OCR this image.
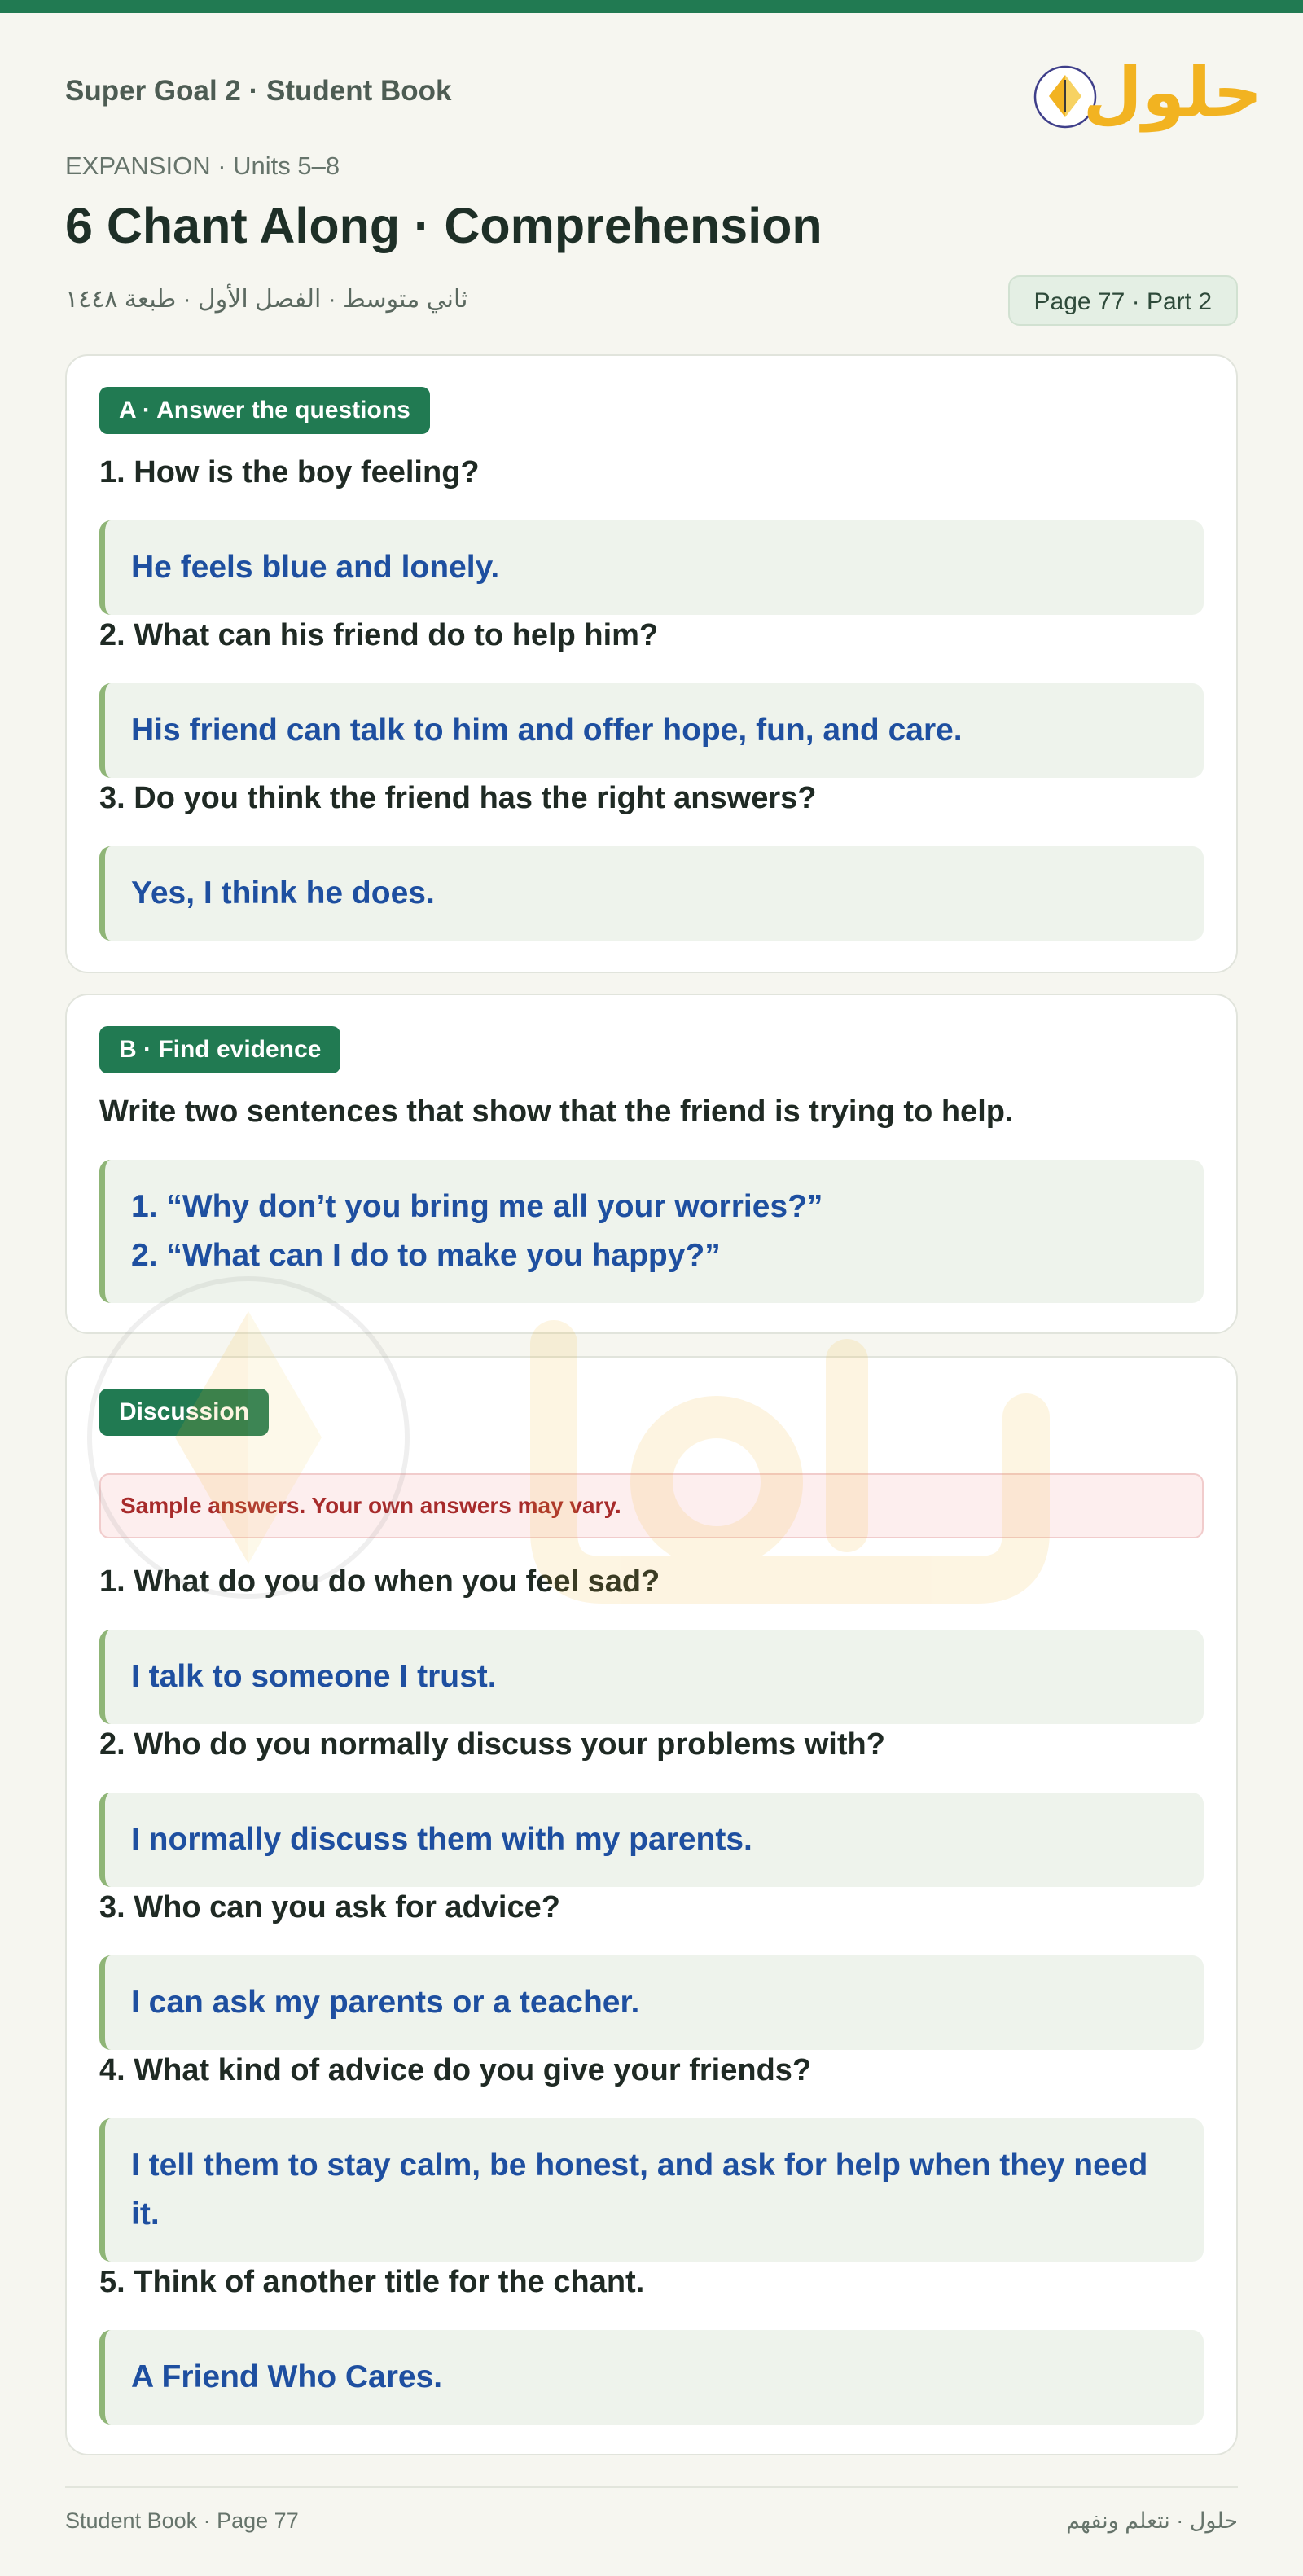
Super Goal 2 · Student Book
EXPANSION · Units 5–8
6 Chant Along · Comprehension
ثاني متوسط · الفصل الأول · طبعة ١٤٤٨	Page 77 · Part 2
حلول
A · Answer the questions
1. How is the boy feeling?
He feels blue and lonely.
2. What can his friend do to help him?
His friend can talk to him and offer hope, fun, and care.
3. Do you think the friend has the right answers?
Yes, I think he does.
B · Find evidence
Write two sentences that show that the friend is trying to help.
1. “Why don’t you bring me all your worries?”
2. “What can I do to make you happy?”
Discussion
Sample answers. Your own answers may vary.
1. What do you do when you feel sad?
I talk to someone I trust.
2. Who do you normally discuss your problems with?
I normally discuss them with my parents.
3. Who can you ask for advice?
I can ask my parents or a teacher.
4. What kind of advice do you give your friends?
I tell them to stay calm, be honest, and ask for help when they need
it.
5. Think of another title for the chant.
A Friend Who Cares.
Student Book · Page 77	حلول · نتعلم ونفهم
